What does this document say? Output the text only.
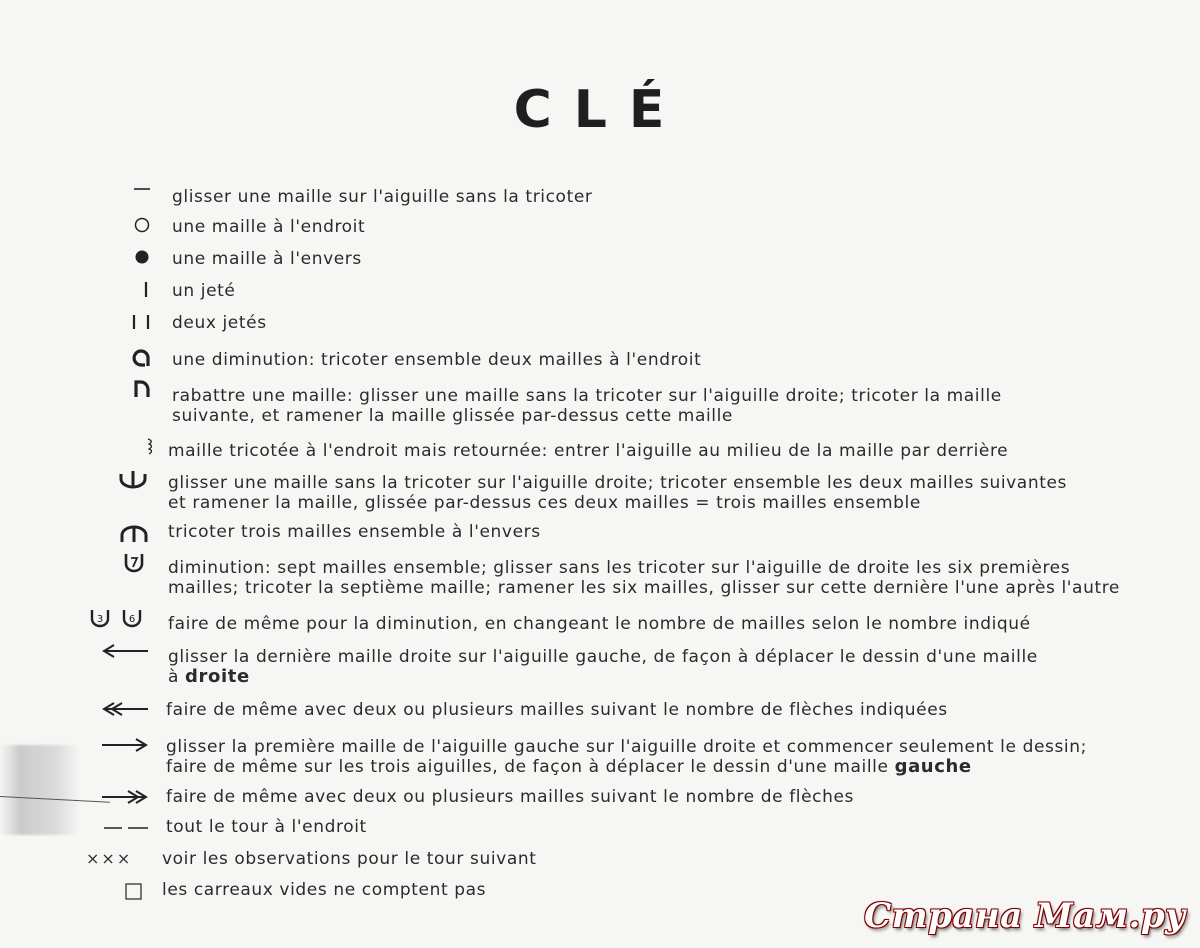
CLÉ
glisser une maille sur l'aiguille sans la tricoter
une maille à l'endroit
une maille à l'envers
un jeté
deux jetés
une diminution: tricoter ensemble deux mailles à l'endroit
rabattre une maille: glisser une maille sans la tricoter sur l'aiguille droite; tricoter la maille
suivante, et ramener la maille glissée par-dessus cette maille
maille tricotée à l'endroit mais retournée: entrer l'aiguille au milieu de la maille par derrière
glisser une maille sans la tricoter sur l'aiguille droite; tricoter ensemble les deux mailles suivantes
et ramener la maille, glissée par-dessus ces deux mailles = trois mailles ensemble
tricoter trois mailles ensemble à l'envers
diminution: sept mailles ensemble; glisser sans les tricoter sur l'aiguille de droite les six premières
mailles; tricoter la septième maille; ramener les six mailles, glisser sur cette dernière l'une après l'autre
3	6 faire de même pour la diminution, en changeant le nombre de mailles selon le nombre indiqué
glisser la dernière maille droite sur l'aiguille gauche, de façon à déplacer le dessin d'une maille
à droite
faire de même avec deux ou plusieurs mailles suivant le nombre de flèches indiquées
glisser la première maille de l'aiguille gauche sur l'aiguille droite et commencer seulement le dessin;
faire de même sur les trois aiguilles, de façon à déplacer le dessin d'une maille gauche
faire de même avec deux ou plusieurs mailles suivant le nombre de flèches
tout le tour à l'endroit
××× voir les observations pour le tour suivant
les carreaux vides ne comptent pas
Страна Мам.ру
